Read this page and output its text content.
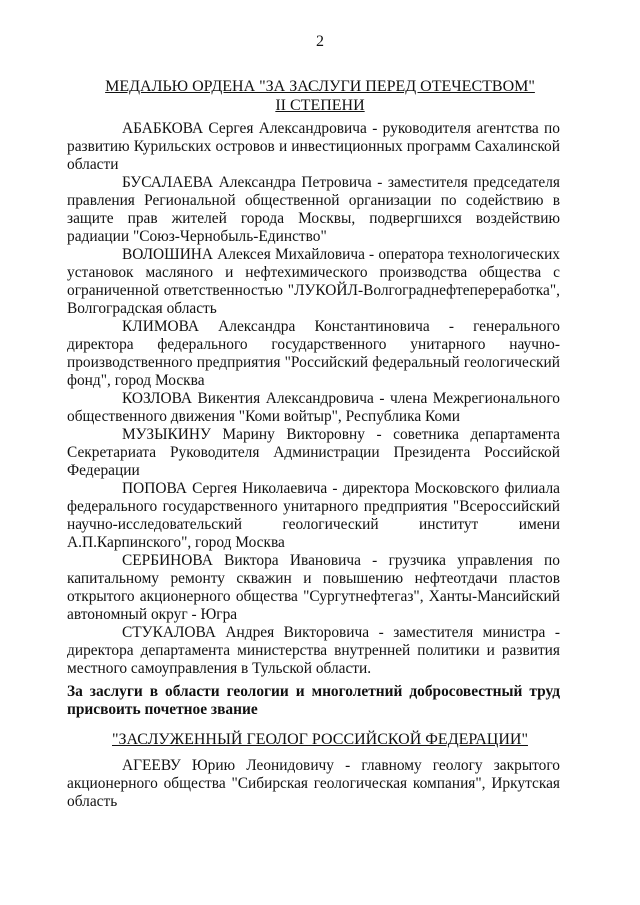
2
МЕДАЛЬЮ ОРДЕНА "ЗА ЗАСЛУГИ ПЕРЕД ОТЕЧЕСТВОМ"
II СТЕПЕНИ

АБАБКОВА Сергея Александровича - руководителя агентства по развитию Курильских островов и инвестиционных программ Сахалинской области

БУСАЛАЕВА Александра Петровича - заместителя председателя правления Региональной общественной организации по содействию в защите прав жителей города Москвы, подвергшихся воздействию радиации "Союз-Чернобыль-Единство"

ВОЛОШИНА Алексея Михайловича - оператора технологических установок масляного и нефтехимического производства общества с ограниченной ответственностью "ЛУКОЙЛ-Волгограднефтепереработка", Волгоградская область

КЛИМОВА Александра Константиновича - генерального директора федерального государственного унитарного научно-производственного предприятия "Российский федеральный геологический фонд", город Москва

КОЗЛОВА Викентия Александровича - члена Межрегионального общественного движения "Коми войтыр", Республика Коми

МУЗЫКИНУ Марину Викторовну - советника департамента Секретариата Руководителя Администрации Президента Российской Федерации

ПОПОВА Сергея Николаевича - директора Московского филиала федерального государственного унитарного предприятия "Всероссийский научно-исследовательский геологический институт имени А.П.Карпинского", город Москва

СЕРБИНОВА Виктора Ивановича - грузчика управления по капитальному ремонту скважин и повышению нефтеотдачи пластов открытого акционерного общества "Сургутнефтегаз", Ханты-Мансийский автономный округ - Югра

СТУКАЛОВА Андрея Викторовича - заместителя министра - директора департамента министерства внутренней политики и развития местного самоуправления в Тульской области.

За заслуги в области геологии и многолетний добросовестный труд присвоить почетное звание
"ЗАСЛУЖЕННЫЙ ГЕОЛОГ РОССИЙСКОЙ ФЕДЕРАЦИИ"

АГЕЕВУ Юрию Леонидовичу - главному геологу закрытого акционерного общества "Сибирская геологическая компания", Иркутская область
